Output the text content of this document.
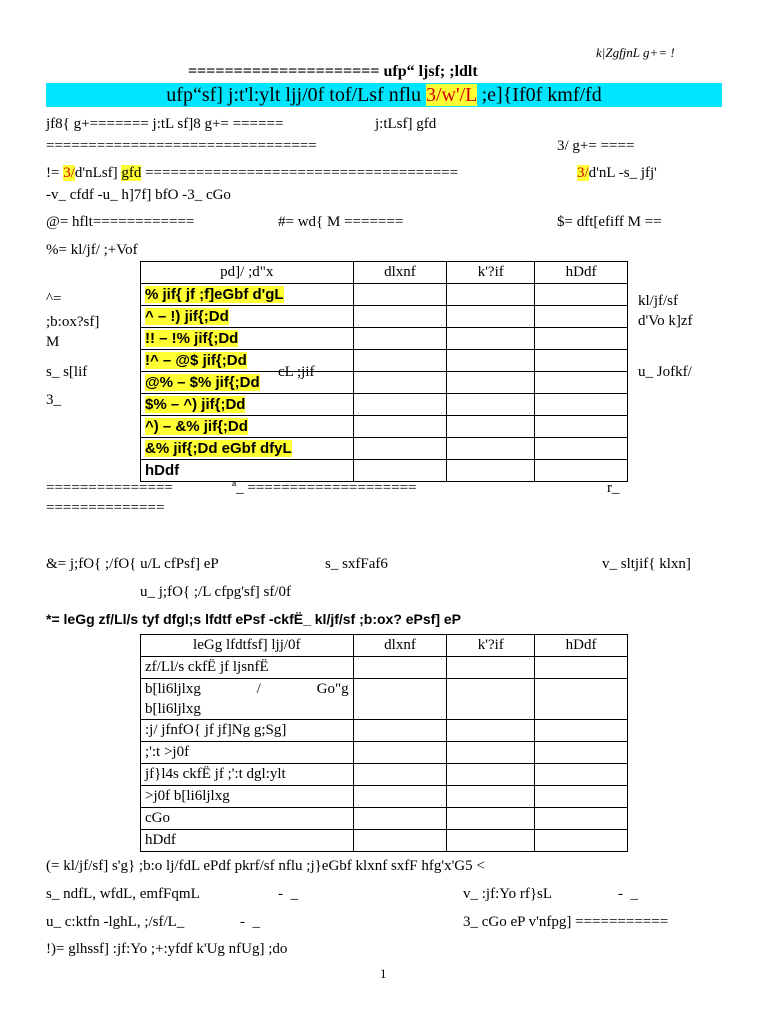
k|ZgfjnL g+= !
===================== ufp“ ljsf; ;ldlt
ufp“sf] j:t'l:ylt ljj/0f tof/Lsf nflu 3/w'/L ;e]{If0f kmf/fd
jf8{ g+======= j:tL sf]8 g+= ======	j:tLsf] gfd
================================	3/ g+= ====
!= 3/d'nLsf] gfd =====================================	3/d'nL -s_ jfj'
-v_ cfdf -u_ h]7f] bfO -3_ cGo
@= hflt============	#= wd{ M =======	$= dft[efiff M ==
%= kl/jf/ ;+Vof
^=
;b:ox?sf]
M
s_ s[lif
3_
kl/jf/sf
d'Vo k]zf
u_ Jofkf/
pd]/ ;d"x	dlxnf	k'?if	hDdf
% jif{ jf ;f]eGbf d'gL			
^ – !) jif{;Dd			
!! – !% jif{;Dd			
!^ – @$ jif{;Dd			
@% – $% jif{;Dd			
$% – ^) jif{;Dd			
^) – &% jif{;Dd			
&% jif{;Dd eGbf dfyL			
hDdf			
cL ;jif
===============	ª_ ====================	r_
==============
&= j;fO{ ;/fO{ u/L cfPsf] eP	s_ sxfFaf6	v_ sltjif{ klxn]
u_ j;fO{ ;/L cfpg'sf] sf/0f
*= leGg zf/Ll/s tyf dfgl;s lfdtf ePsf -ckfË_ kl/jf/sf ;b:ox? ePsf] eP
leGg lfdtfsf] ljj/0f	dlxnf	k'?if	hDdf
zf/Ll/s ckfË jf ljsnfË			

b[li6ljlxg / Go"g
b[li6ljlxg			

:j/ jfnfO{ jf jf]Ng g;Sg]			
;':t >j0f			
jf}l4s ckfË jf ;':t dgl:ylt			
>j0f b[li6ljlxg			
cGo			
hDdf			
(= kl/jf/sf] s'g} ;b:o lj/fdL ePdf pkrf/sf nflu ;j}eGbf klxnf sxfF hfg'x'G5 <
s_ ndfL, wfdL, emfFqmL	-  _	v_ :jf:Yo rf}sL	-  _
u_ c:ktfn -lghL, ;/sf/L_	-  _	3_ cGo eP v'nfpg] ===========
!)= glhssf] :jf:Yo ;+:yfdf k'Ug nfUg] ;do
1
